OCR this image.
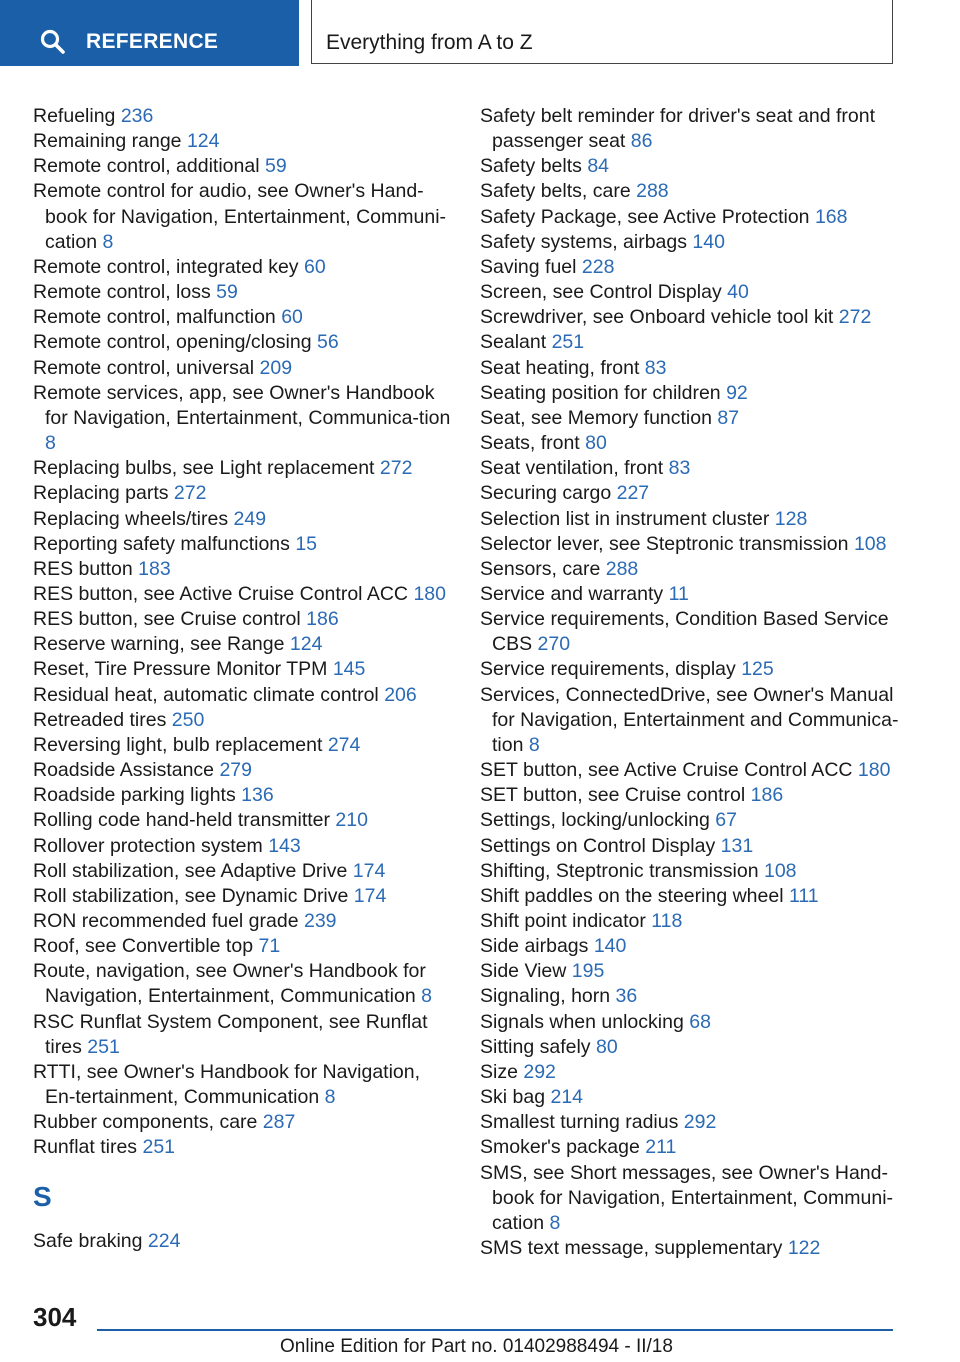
REFERENCE	Everything from A to Z
Refueling 236
Remaining range 124
Remote control, additional 59
Remote control for audio, see Owner's Hand-book for Navigation, Entertainment, Communi-cation 8
Remote control, integrated key 60
Remote control, loss 59
Remote control, malfunction 60
Remote control, opening/closing 56
Remote control, universal 209
Remote services, app, see Owner's Handbook for Navigation, Entertainment, Communica-tion 8
Replacing bulbs, see Light replacement 272
Replacing parts 272
Replacing wheels/tires 249
Reporting safety malfunctions 15
RES button 183
RES button, see Active Cruise Control ACC 180
RES button, see Cruise control 186
Reserve warning, see Range 124
Reset, Tire Pressure Monitor TPM 145
Residual heat, automatic climate control 206
Retreaded tires 250
Reversing light, bulb replacement 274
Roadside Assistance 279
Roadside parking lights 136
Rolling code hand-held transmitter 210
Rollover protection system 143
Roll stabilization, see Adaptive Drive 174
Roll stabilization, see Dynamic Drive 174
RON recommended fuel grade 239
Roof, see Convertible top 71
Route, navigation, see Owner's Handbook for Navigation, Entertainment, Communication 8
RSC Runflat System Component, see Runflat tires 251
RTTI, see Owner's Handbook for Navigation, En-tertainment, Communication 8
Rubber components, care 287
Runflat tires 251
S
Safe braking 224
Safety belt reminder for driver's seat and front passenger seat 86
Safety belts 84
Safety belts, care 288
Safety Package, see Active Protection 168
Safety systems, airbags 140
Saving fuel 228
Screen, see Control Display 40
Screwdriver, see Onboard vehicle tool kit 272
Sealant 251
Seat heating, front 83
Seating position for children 92
Seat, see Memory function 87
Seats, front 80
Seat ventilation, front 83
Securing cargo 227
Selection list in instrument cluster 128
Selector lever, see Steptronic transmission 108
Sensors, care 288
Service and warranty 11
Service requirements, Condition Based Service CBS 270
Service requirements, display 125
Services, ConnectedDrive, see Owner's Manual for Navigation, Entertainment and Communica-tion 8
SET button, see Active Cruise Control ACC 180
SET button, see Cruise control 186
Settings, locking/unlocking 67
Settings on Control Display 131
Shifting, Steptronic transmission 108
Shift paddles on the steering wheel 111
Shift point indicator 118
Side airbags 140
Side View 195
Signaling, horn 36
Signals when unlocking 68
Sitting safely 80
Size 292
Ski bag 214
Smallest turning radius 292
Smoker's package 211
SMS, see Short messages, see Owner's Hand-book for Navigation, Entertainment, Communi-cation 8
SMS text message, supplementary 122
304
Online Edition for Part no. 01402988494 - II/18
